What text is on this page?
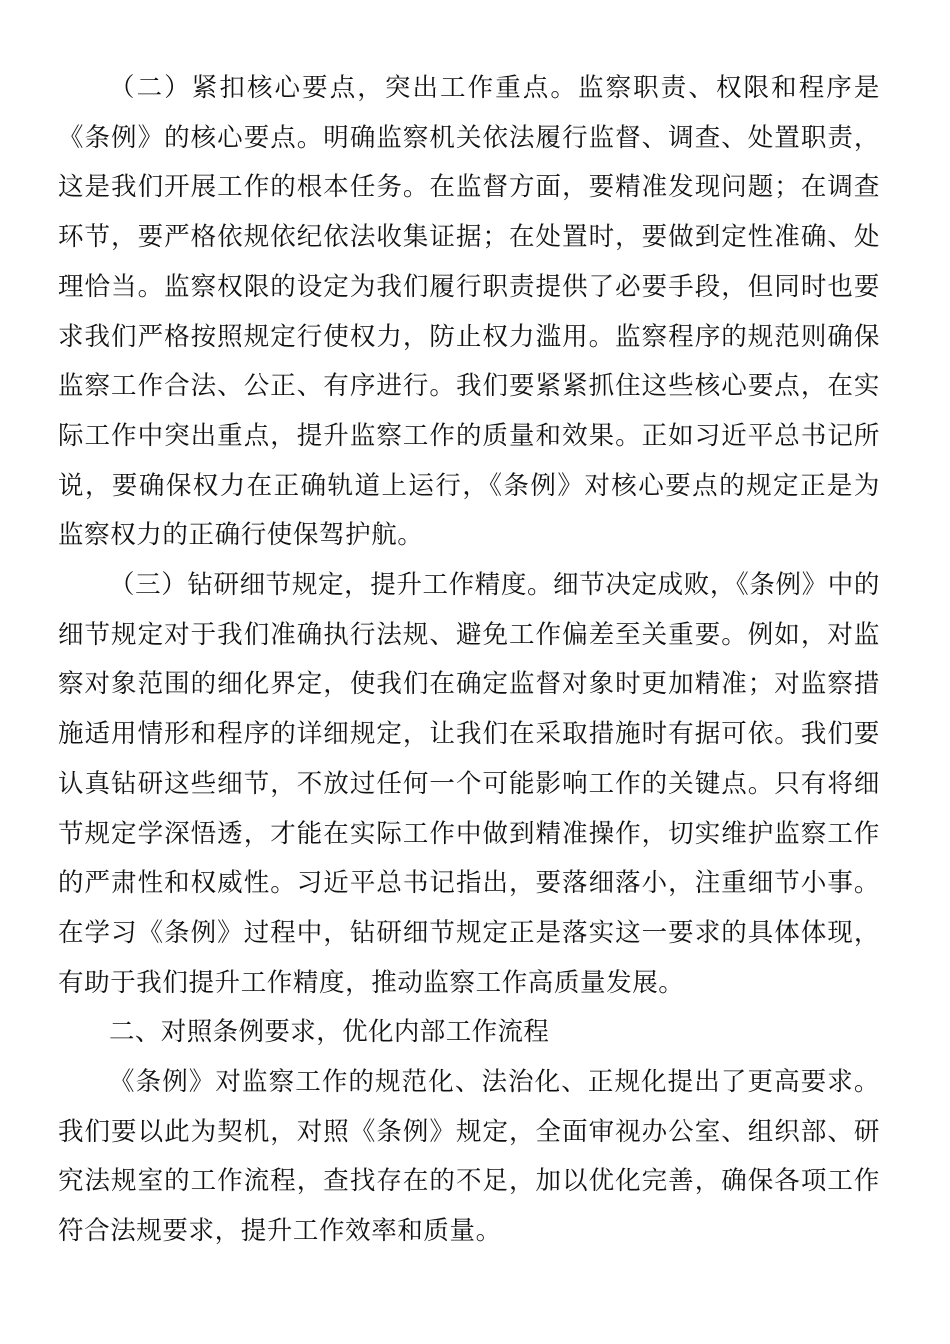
（二）紧扣核心要点，突出工作重点。监察职责、权限和程序是《条例》的核心要点。明确监察机关依法履行监督、调查、处置职责，这是我们开展工作的根本任务。在监督方面，要精准发现问题；在调查环节，要严格依规依纪依法收集证据；在处置时，要做到定性准确、处理恰当。监察权限的设定为我们履行职责提供了必要手段，但同时也要求我们严格按照规定行使权力，防止权力滥用。监察程序的规范则确保监察工作合法、公正、有序进行。我们要紧紧抓住这些核心要点，在实际工作中突出重点，提升监察工作的质量和效果。正如习近平总书记所说，要确保权力在正确轨道上运行，《条例》对核心要点的规定正是为监察权力的正确行使保驾护航。

（三）钻研细节规定，提升工作精度。细节决定成败，《条例》中的细节规定对于我们准确执行法规、避免工作偏差至关重要。例如，对监察对象范围的细化界定，使我们在确定监督对象时更加精准；对监察措施适用情形和程序的详细规定，让我们在采取措施时有据可依。我们要认真钻研这些细节，不放过任何一个可能影响工作的关键点。只有将细节规定学深悟透，才能在实际工作中做到精准操作，切实维护监察工作的严肃性和权威性。习近平总书记指出，要落细落小，注重细节小事。在学习《条例》过程中，钻研细节规定正是落实这一要求的具体体现，有助于我们提升工作精度，推动监察工作高质量发展。

二、对照条例要求，优化内部工作流程

《条例》对监察工作的规范化、法治化、正规化提出了更高要求。我们要以此为契机，对照《条例》规定，全面审视办公室、组织部、研究法规室的工作流程，查找存在的不足，加以优化完善，确保各项工作符合法规要求，提升工作效率和质量。
